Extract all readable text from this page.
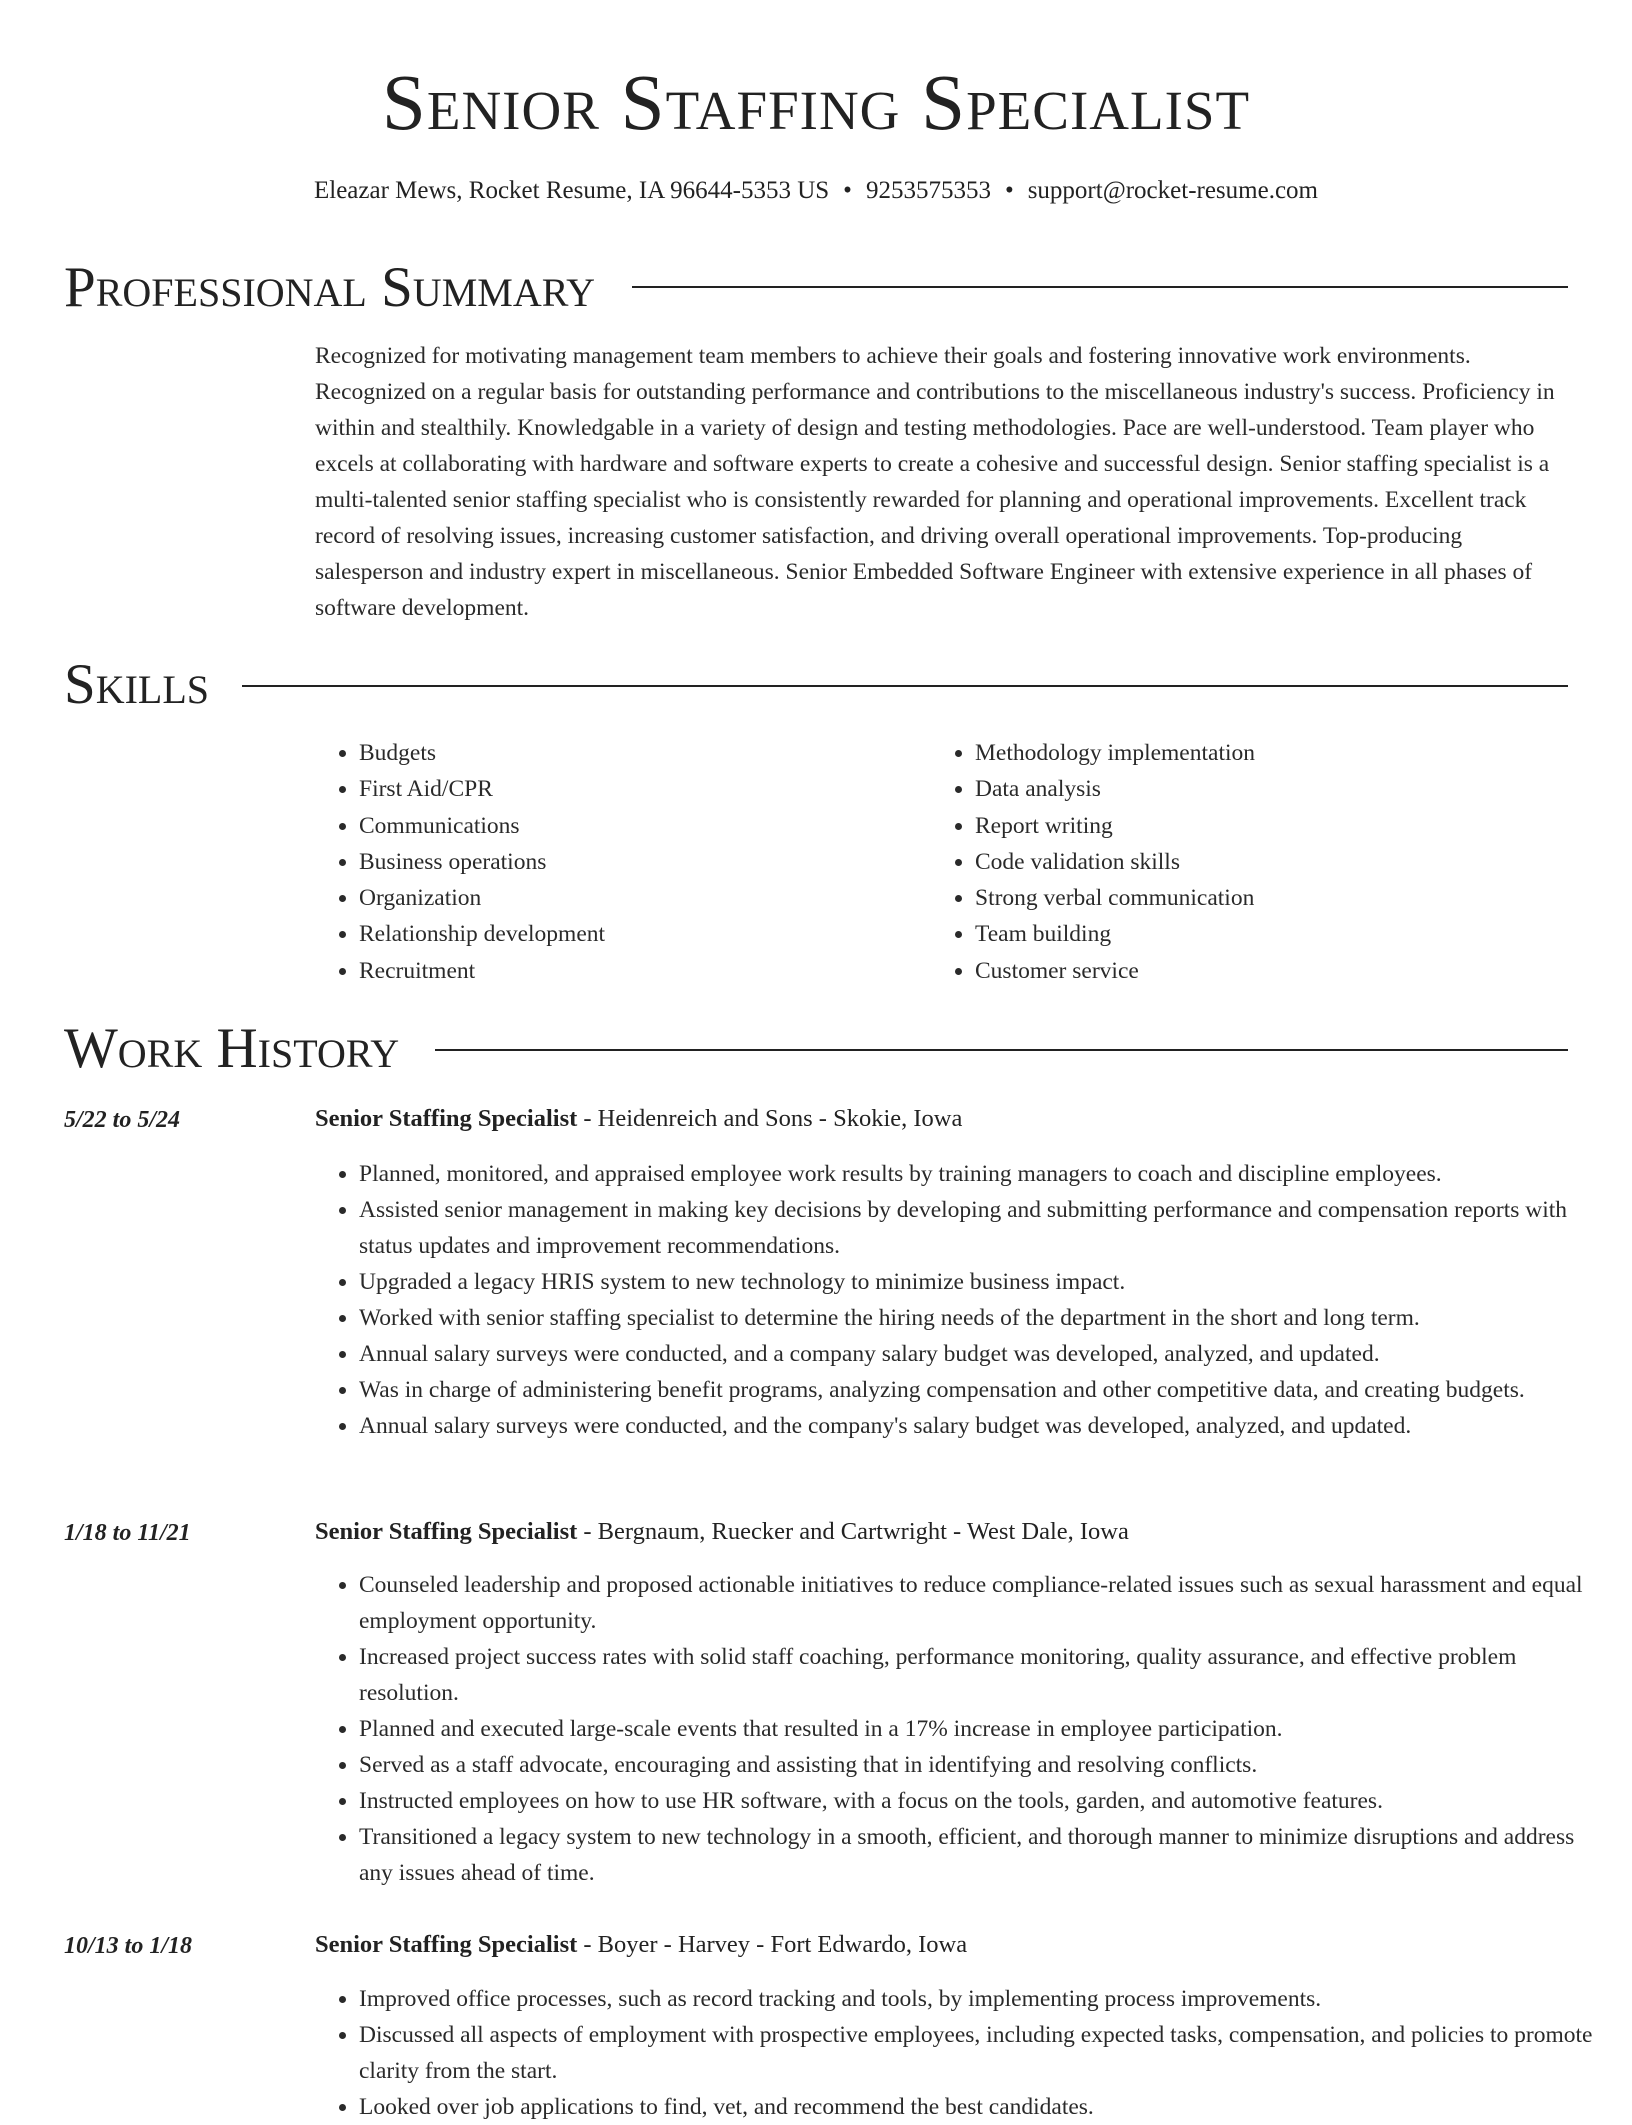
Senior Staffing Specialist
Eleazar Mews, Rocket Resume, IA 96644-5353 US • 9253575353 • support@rocket-resume.com
Professional Summary

Recognized for motivating management team members to achieve their goals and fostering innovative work environments. Recognized on a regular basis for outstanding performance and contributions to the miscellaneous industry's success. Proficiency in within and stealthily. Knowledgable in a variety of design and testing methodologies. Pace are well-understood. Team player who excels at collaborating with hardware and software experts to create a cohesive and successful design. Senior staffing specialist is a multi-talented senior staffing specialist who is consistently rewarded for planning and operational improvements. Excellent track record of resolving issues, increasing customer satisfaction, and driving overall operational improvements. Top-producing salesperson and industry expert in miscellaneous. Senior Embedded Software Engineer with extensive experience in all phases of software development.

Skills
• Budgets
• First Aid/CPR
• Communications
• Business operations
• Organization
• Relationship development
• Recruitment
• Methodology implementation
• Data analysis
• Report writing
• Code validation skills
• Strong verbal communication
• Team building
• Customer service
Work History
5/22 to 5/24	Senior Staffing Specialist - Heidenreich and Sons - Skokie, Iowa
• Planned, monitored, and appraised employee work results by training managers to coach and discipline employees.
• Assisted senior management in making key decisions by developing and submitting performance and compensation reports with status updates and improvement recommendations.
• Upgraded a legacy HRIS system to new technology to minimize business impact.
• Worked with senior staffing specialist to determine the hiring needs of the department in the short and long term.
• Annual salary surveys were conducted, and a company salary budget was developed, analyzed, and updated.
• Was in charge of administering benefit programs, analyzing compensation and other competitive data, and creating budgets.
• Annual salary surveys were conducted, and the company's salary budget was developed, analyzed, and updated.
1/18 to 11/21	Senior Staffing Specialist - Bergnaum, Ruecker and Cartwright - West Dale, Iowa
• Counseled leadership and proposed actionable initiatives to reduce compliance-related issues such as sexual harassment and equal employment opportunity.
• Increased project success rates with solid staff coaching, performance monitoring, quality assurance, and effective problem resolution.
• Planned and executed large-scale events that resulted in a 17% increase in employee participation.
• Served as a staff advocate, encouraging and assisting that in identifying and resolving conflicts.
• Instructed employees on how to use HR software, with a focus on the tools, garden, and automotive features.
• Transitioned a legacy system to new technology in a smooth, efficient, and thorough manner to minimize disruptions and address any issues ahead of time.
10/13 to 1/18	Senior Staffing Specialist - Boyer - Harvey - Fort Edwardo, Iowa
• Improved office processes, such as record tracking and tools, by implementing process improvements.
• Discussed all aspects of employment with prospective employees, including expected tasks, compensation, and policies to promote clarity from the start.
• Looked over job applications to find, vet, and recommend the best candidates.
